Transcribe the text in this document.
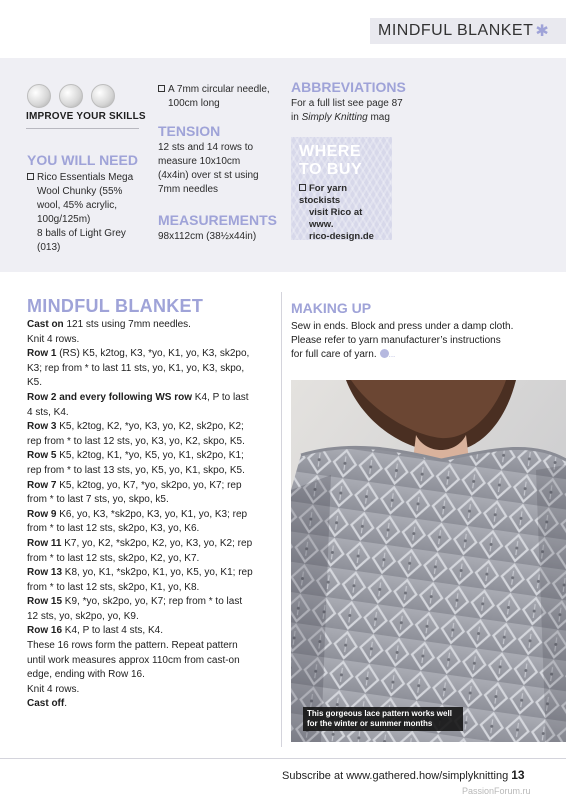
MINDFUL BLANKET ✱
IMPROVE YOUR SKILLS
YOU WILL NEED
Rico Essentials Mega
Wool Chunky (55%
wool, 45% acrylic,
100g/125m)
8 balls of Light Grey
(013)
A 7mm circular needle,
100cm long
TENSION
12 sts and 14 rows to
measure 10x10cm
(4x4in) over st st using
7mm needles
MEASUREMENTS
98x112cm (38½x44in)
ABBREVIATIONS
For a full list see page 87
in Simply Knitting mag
WHERE
TO BUY
For yarn stockists
visit Rico at www.
rico-design.de
MINDFUL BLANKET
Cast on 121 sts using 7mm needles.
Knit 4 rows.
Row 1 (RS) K5, k2tog, K3, *yo, K1, yo, K3, sk2po,
K3; rep from * to last 11 sts, yo, K1, yo, K3, skpo,
K5.
Row 2 and every following WS row K4, P to last
4 sts, K4.
Row 3 K5, k2tog, K2, *yo, K3, yo, K2, sk2po, K2;
rep from * to last 12 sts, yo, K3, yo, K2, skpo, K5.
Row 5 K5, k2tog, K1, *yo, K5, yo, K1, sk2po, K1;
rep from * to last 13 sts, yo, K5, yo, K1, skpo, K5.
Row 7 K5, k2tog, yo, K7, *yo, sk2po, yo, K7; rep
from * to last 7 sts, yo, skpo, k5.
Row 9 K6, yo, K3, *sk2po, K3, yo, K1, yo, K3; rep
from * to last 12 sts, sk2po, K3, yo, K6.
Row 11 K7, yo, K2, *sk2po, K2, yo, K3, yo, K2; rep
from * to last 12 sts, sk2po, K2, yo, K7.
Row 13 K8, yo, K1, *sk2po, K1, yo, K5, yo, K1; rep
from * to last 12 sts, sk2po, K1, yo, K8.
Row 15 K9, *yo, sk2po, yo, K7; rep from * to last
12 sts, yo, sk2po, yo, K9.
Row 16 K4, P to last 4 sts, K4.
These 16 rows form the pattern. Repeat pattern
until work measures approx 110cm from cast-on
edge, ending with Row 16.
Knit 4 rows.
Cast off.
MAKING UP
Sew in ends. Block and press under a damp cloth.
Please refer to yarn manufacturer’s instructions
for full care of yarn. ...
This gorgeous lace pattern works well
for the winter or summer months
Subscribe at www.gathered.how/simplyknitting 13
PassionForum.ru
